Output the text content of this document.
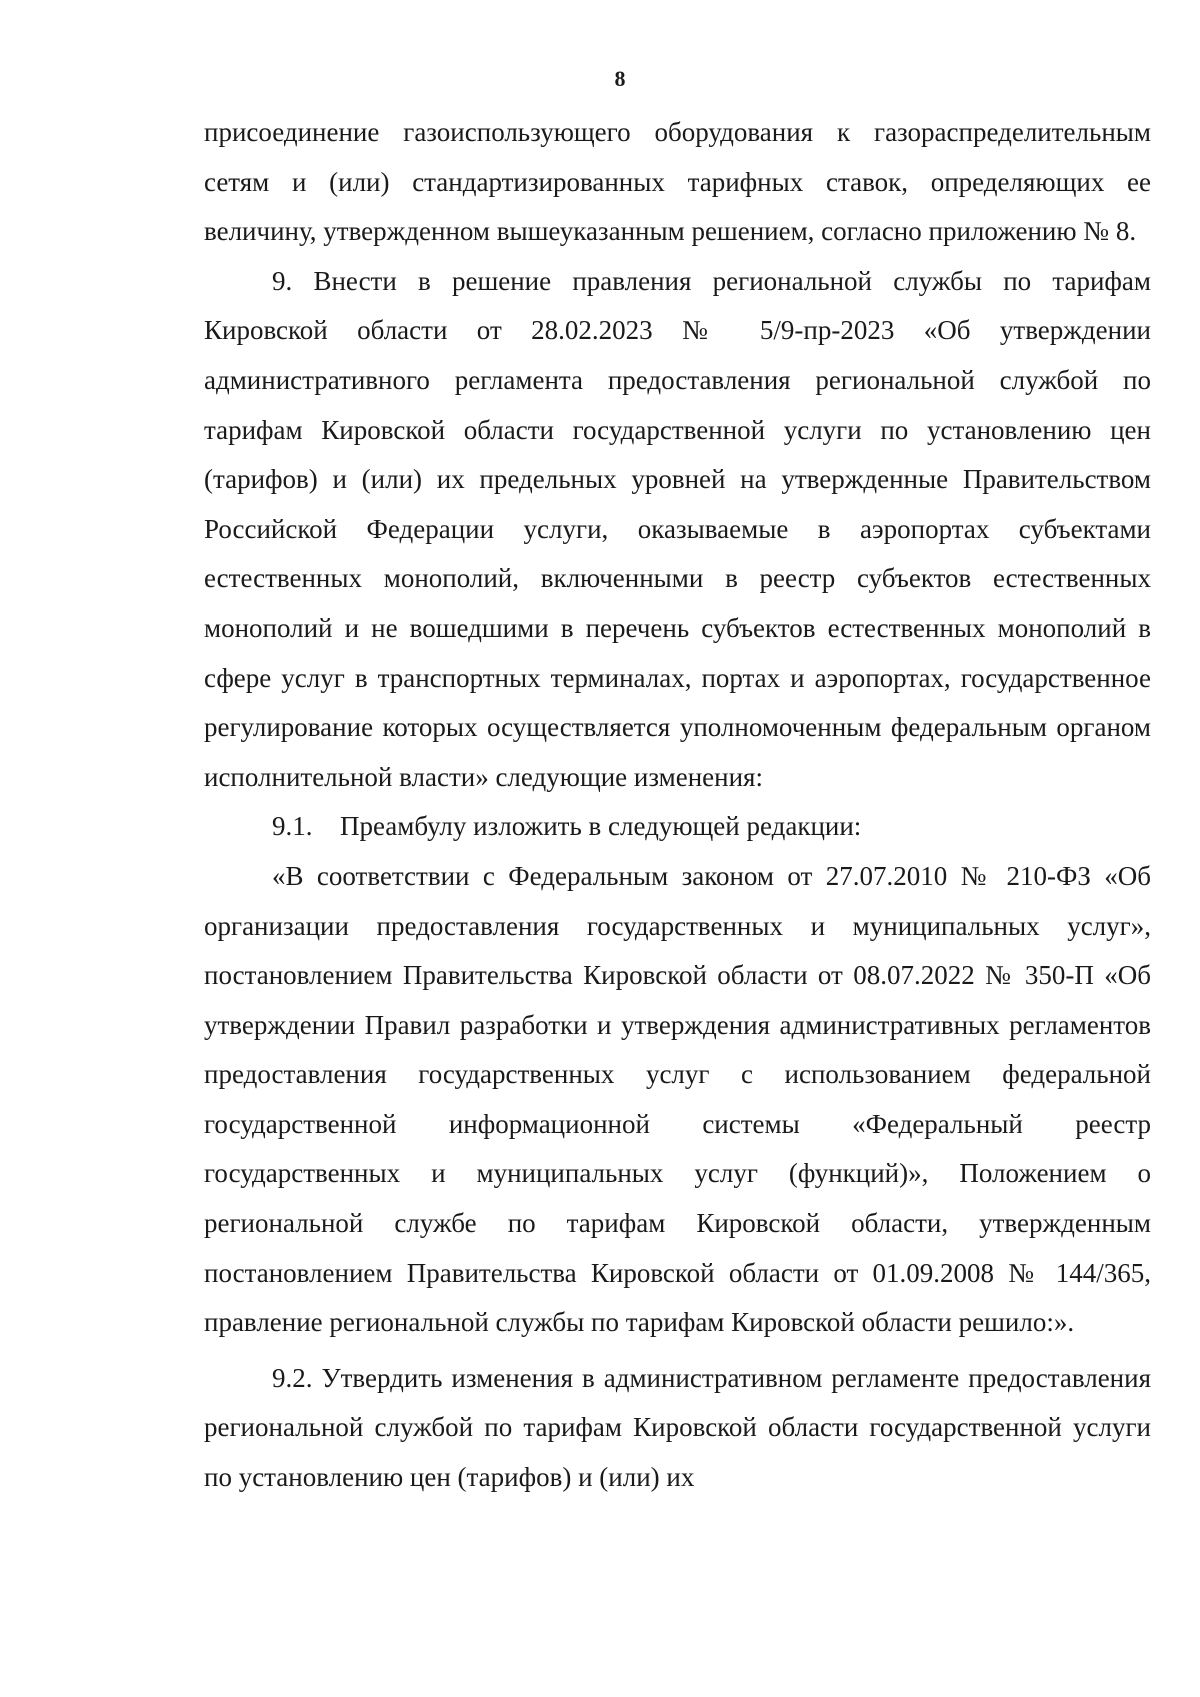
8

присоединение газоиспользующего оборудования к газораспределительным сетям и (или) стандартизированных тарифных ставок, определяющих ее величину, утвержденном вышеуказанным решением, согласно приложению № 8.

9. Внести в решение правления региональной службы по тарифам Кировской области от 28.02.2023 № 5/9-пр-2023 «Об утверждении административного регламента предоставления региональной службой по тарифам Кировской области государственной услуги по установлению цен (тарифов) и (или) их предельных уровней на утвержденные Правительством Российской Федерации услуги, оказываемые в аэропортах субъектами естественных монополий, включенными в реестр субъектов естественных монополий и не вошедшими в перечень субъектов естественных монополий в сфере услуг в транспортных терминалах, портах и аэропортах, государственное регулирование которых осуществляется уполномоченным федеральным органом исполнительной власти» следующие изменения:

9.1. Преамбулу изложить в следующей редакции:

«В соответствии с Федеральным законом от 27.07.2010 № 210-ФЗ «Об организации предоставления государственных и муниципальных услуг», постановлением Правительства Кировской области от 08.07.2022 № 350-П «Об утверждении Правил разработки и утверждения административных регламентов предоставления государственных услуг с использованием федеральной государственной информационной системы «Федеральный реестр государственных и муниципальных услуг (функций)», Положением о региональной службе по тарифам Кировской области, утвержденным постановлением Правительства Кировской области от 01.09.2008 № 144/365, правление региональной службы по тарифам Кировской области решило:».

9.2. Утвердить изменения в административном регламенте предоставления региональной службой по тарифам Кировской области государственной услуги по установлению цен (тарифов) и (или) их
